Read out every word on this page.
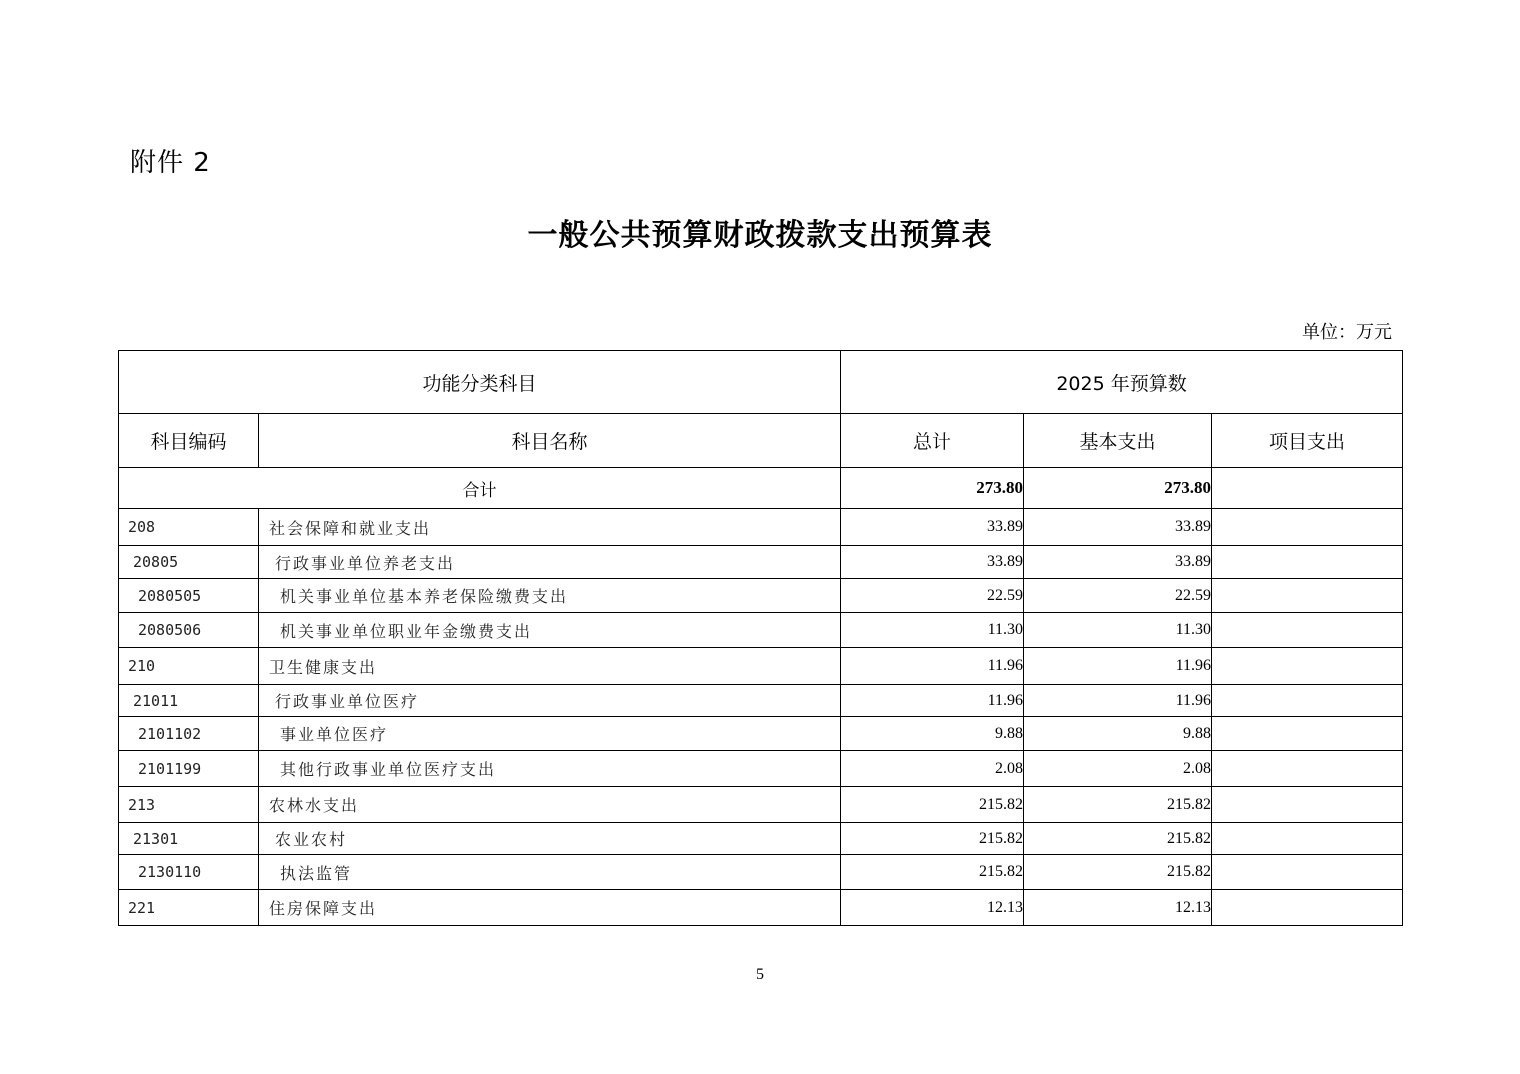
附件 2
一般公共预算财政拨款支出预算表
单位：万元
功能分类科目		2025 年预算数		
科目编码	科目名称	总计	基本支出	项目支出
合计		273.80	273.80	
208	社会保障和就业支出	33.89	33.89	
20805	行政事业单位养老支出	33.89	33.89	
2080505	机关事业单位基本养老保险缴费支出	22.59	22.59	
2080506	机关事业单位职业年金缴费支出	11.30	11.30	
210	卫生健康支出	11.96	11.96	
21011	行政事业单位医疗	11.96	11.96	
2101102	事业单位医疗	9.88	9.88	
2101199	其他行政事业单位医疗支出	2.08	2.08	
213	农林水支出	215.82	215.82	
21301	农业农村	215.82	215.82	
2130110	执法监管	215.82	215.82	
221	住房保障支出	12.13	12.13	
5
